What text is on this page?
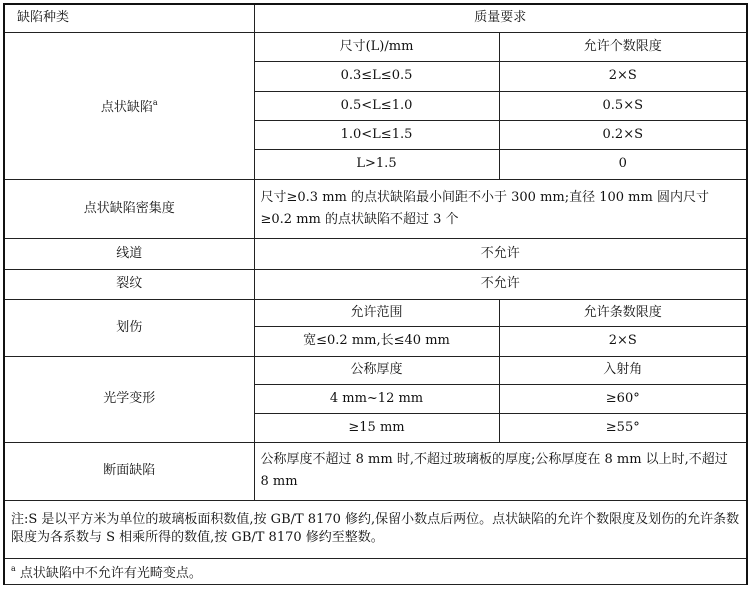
缺陷种类	质量要求	
点状缺陷$^a$	尺寸(L)/mm	允许个数限度
	0.3≤L≤0.5	2×S
	0.5<L≤1.0	0.5×S
	1.0<L≤1.5	0.2×S
	L>1.5	0
点状缺陷密集度	尺寸≥0.3 mm 的点状缺陷最小间距不小于 300 mm;直径 100 mm 圆内尺寸≥0.2 mm 的点状缺陷不超过 3 个	
线道	不允许	
裂纹	不允许	
划伤	允许范围	允许条数限度
	宽≤0.2 mm,长≤40 mm	2×S
光学变形	公称厚度	入射角
	4 mm~12 mm	≥60°
	≥15 mm	≥55°
断面缺陷	公称厚度不超过 8 mm 时,不超过玻璃板的厚度;公称厚度在 8 mm 以上时,不超过 8 mm	
注:S 是以平方米为单位的玻璃板面积数值,按 GB/T 8170 修约,保留小数点后两位。点状缺陷的允许个数限度及划伤的允许条数限度为各系数与 S 相乘所得的数值,按 GB/T 8170 修约至整数。		
$^a$ 点状缺陷中不允许有光畸变点。		
